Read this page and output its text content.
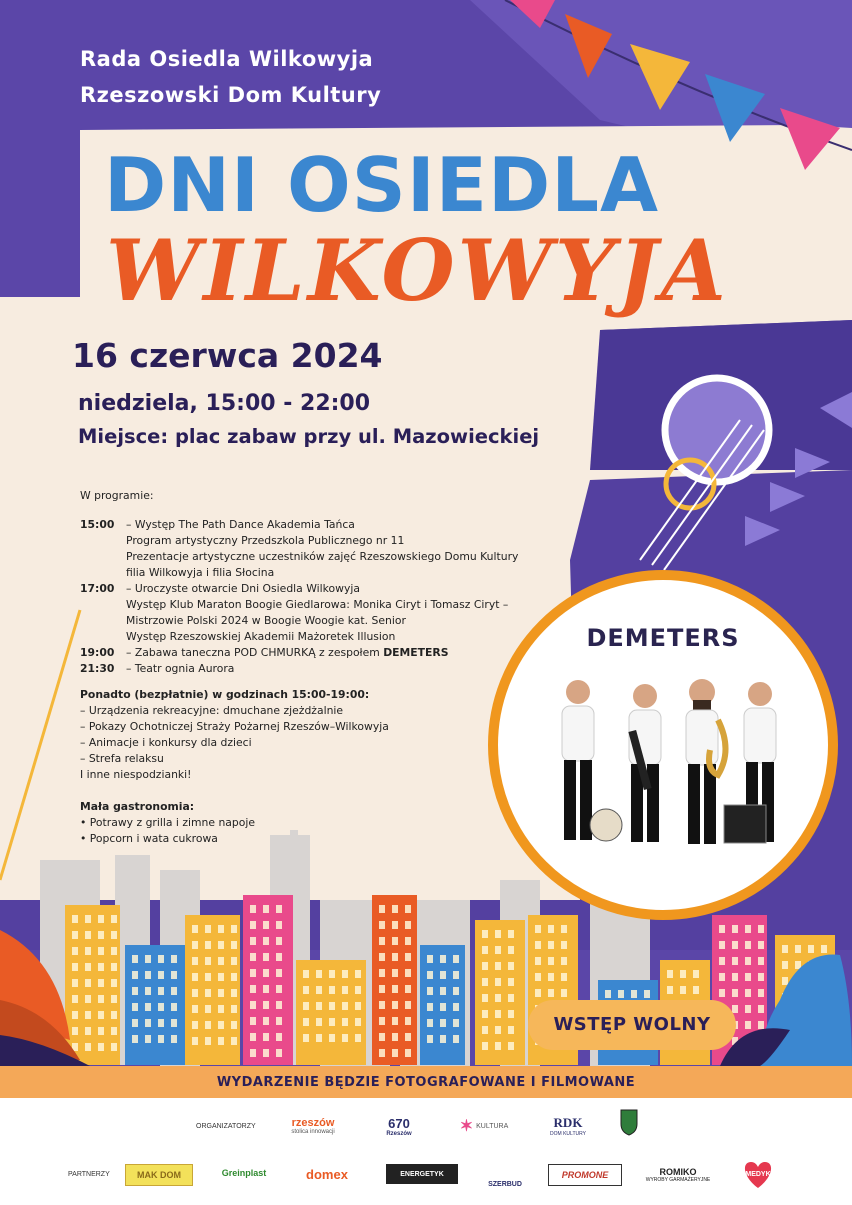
Rada Osiedla Wilkowyja
Rzeszowski Dom Kultury
DNI OSIEDLA
WILKOWYJA
16 czerwca 2024
niedziela, 15:00 - 22:00
Miejsce: plac zabaw przy ul. Mazowieckiej
W programie:
15:00 – Występ The Path Dance Akademia Tańca
Program artystyczny Przedszkola Publicznego nr 11
Prezentacje artystyczne uczestników zajęć Rzeszowskiego Domu Kultury
filia Wilkowyja i filia Słocina
17:00 – Uroczyste otwarcie Dni Osiedla Wilkowyja
Występ Klub Maraton Boogie Giedlarowa: Monika Ciryt i Tomasz Ciryt –
Mistrzowie Polski 2024 w Boogie Woogie kat. Senior
Występ Rzeszowskiej Akademii Mażoretek Illusion
19:00 – Zabawa taneczna POD CHMURKĄ z zespołem DEMETERS
21:30 – Teatr ognia Aurora
Ponadto (bezpłatnie) w godzinach 15:00-19:00:
– Urządzenia rekreacyjne: dmuchane zjeżdżalnie
– Pokazy Ochotniczej Straży Pożarnej Rzeszów–Wilkowyja
– Animacje i konkursy dla dzieci
– Strefa relaksu
I inne niespodzianki!
Mała gastronomia:
• Potrawy z grilla i zimne napoje
• Popcorn i wata cukrowa
DEMETERS
WSTĘP WOLNY
WYDARZENIE BĘDZIE FOTOGRAFOWANE I FILMOWANE
ORGANIZATORZY
PARTNERZY
rzeszów
stolica innowacji
670
Rzeszów	✶ KULTURA	RDK
DOM KULTURY
MAK DOM	Greinplast	domex	ENERGETYK
SZERBUD
PROMONE	ROMIKO
WYROBY GARMAŻERYJNE
MEDYK
